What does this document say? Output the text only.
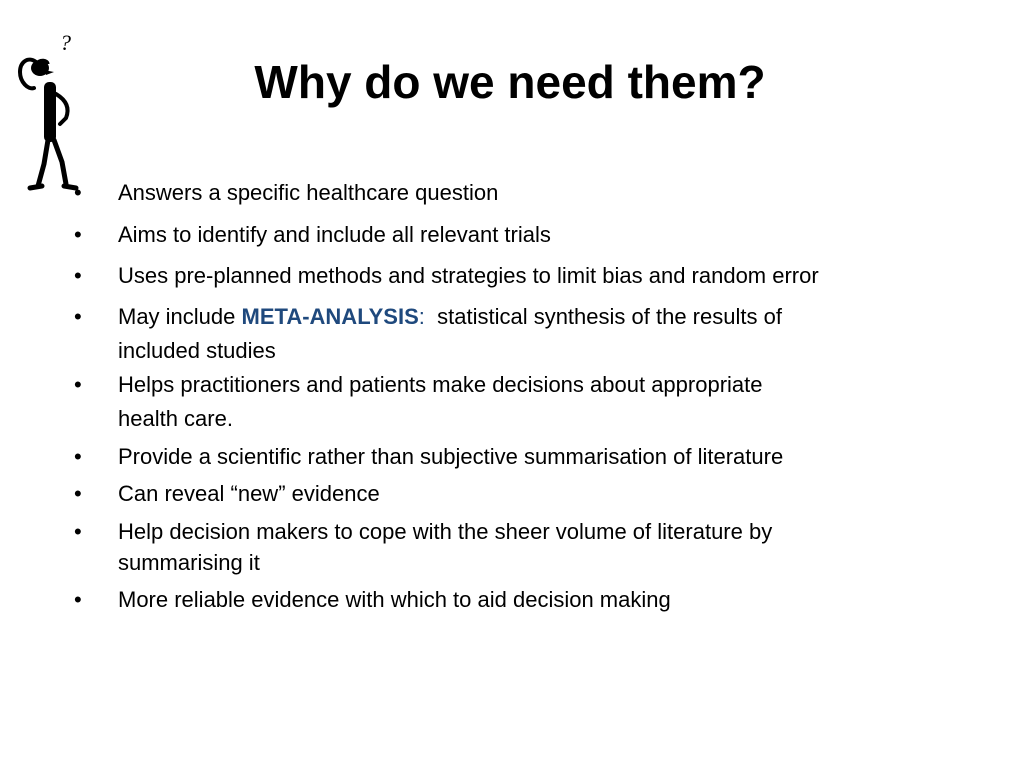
?
Why do we need them?
•	Answers a specific healthcare question
•	Aims to identify and include all relevant trials
•	Uses pre-planned methods and strategies to limit bias and random error
•	May include META-ANALYSIS:  statistical synthesis of the results of
included studies
•	Helps practitioners and patients make decisions about appropriate
health care.
•	Provide a scientific rather than subjective summarisation of literature
•	Can reveal “new” evidence
•	Help decision makers to cope with the sheer volume of literature by
summarising it
•	More reliable evidence with which to aid decision making
